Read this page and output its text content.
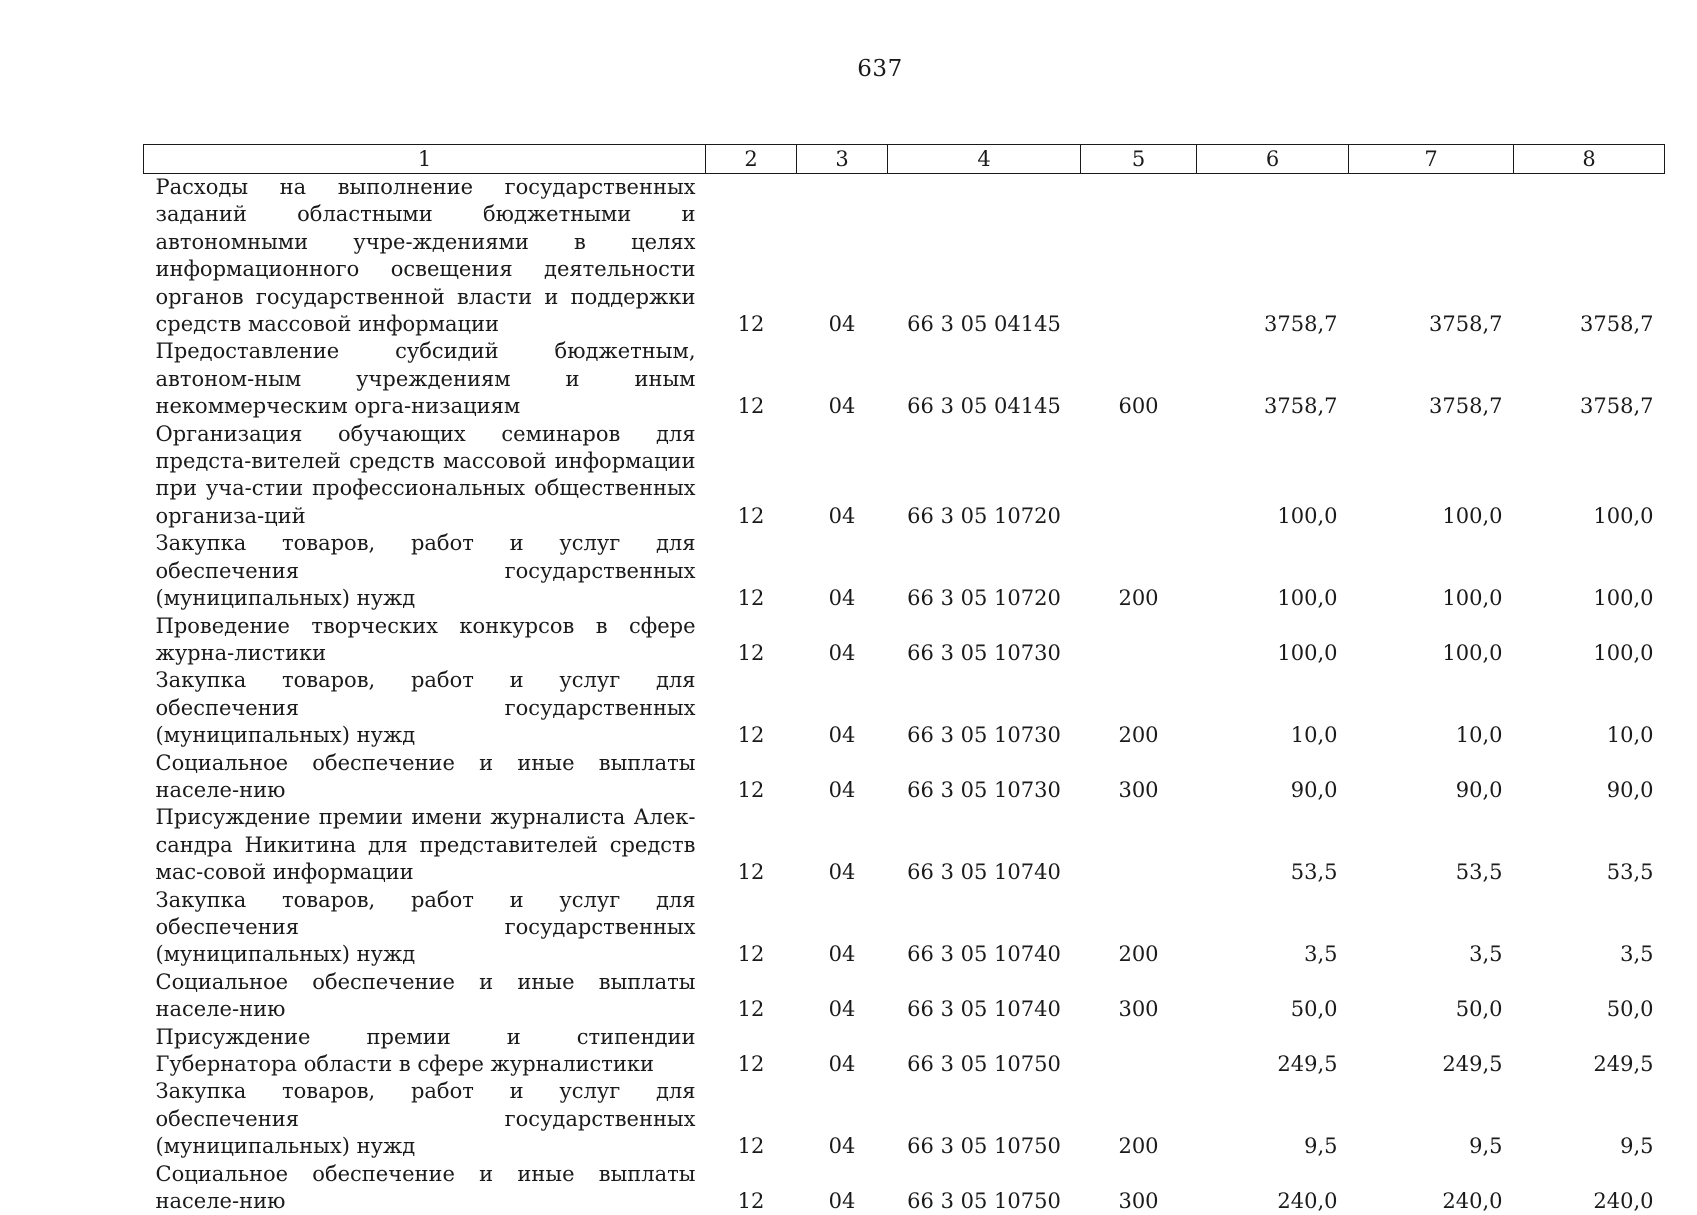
637
1	2	3	4	5	6	7	8
Расходы на выполнение государственных заданий областными бюджетными и автономными учре-ждениями в целях информационного освещения деятельности органов государственной власти и поддержки средств массовой информации	12	04	66 3 05 04145		3758,7	3758,7	3758,7
Предоставление субсидий бюджетным, автоном-ным учреждениям и иным некоммерческим орга-низациям	12	04	66 3 05 04145	600	3758,7	3758,7	3758,7
Организация обучающих семинаров для предста-вителей средств массовой информации при уча-стии профессиональных общественных организа-ций	12	04	66 3 05 10720		100,0	100,0	100,0
Закупка товаров, работ и услуг для обеспечения государственных (муниципальных) нужд	12	04	66 3 05 10720	200	100,0	100,0	100,0
Проведение творческих конкурсов в сфере журна-листики	12	04	66 3 05 10730		100,0	100,0	100,0
Закупка товаров, работ и услуг для обеспечения государственных (муниципальных) нужд	12	04	66 3 05 10730	200	10,0	10,0	10,0
Социальное обеспечение и иные выплаты населе-нию	12	04	66 3 05 10730	300	90,0	90,0	90,0
Присуждение премии имени журналиста Алек-сандра Никитина для представителей средств мас-совой информации	12	04	66 3 05 10740		53,5	53,5	53,5
Закупка товаров, работ и услуг для обеспечения государственных (муниципальных) нужд	12	04	66 3 05 10740	200	3,5	3,5	3,5
Социальное обеспечение и иные выплаты населе-нию	12	04	66 3 05 10740	300	50,0	50,0	50,0
Присуждение премии и стипендии Губернатора области в сфере журналистики	12	04	66 3 05 10750		249,5	249,5	249,5
Закупка товаров, работ и услуг для обеспечения государственных (муниципальных) нужд	12	04	66 3 05 10750	200	9,5	9,5	9,5
Социальное обеспечение и иные выплаты населе-нию	12	04	66 3 05 10750	300	240,0	240,0	240,0
